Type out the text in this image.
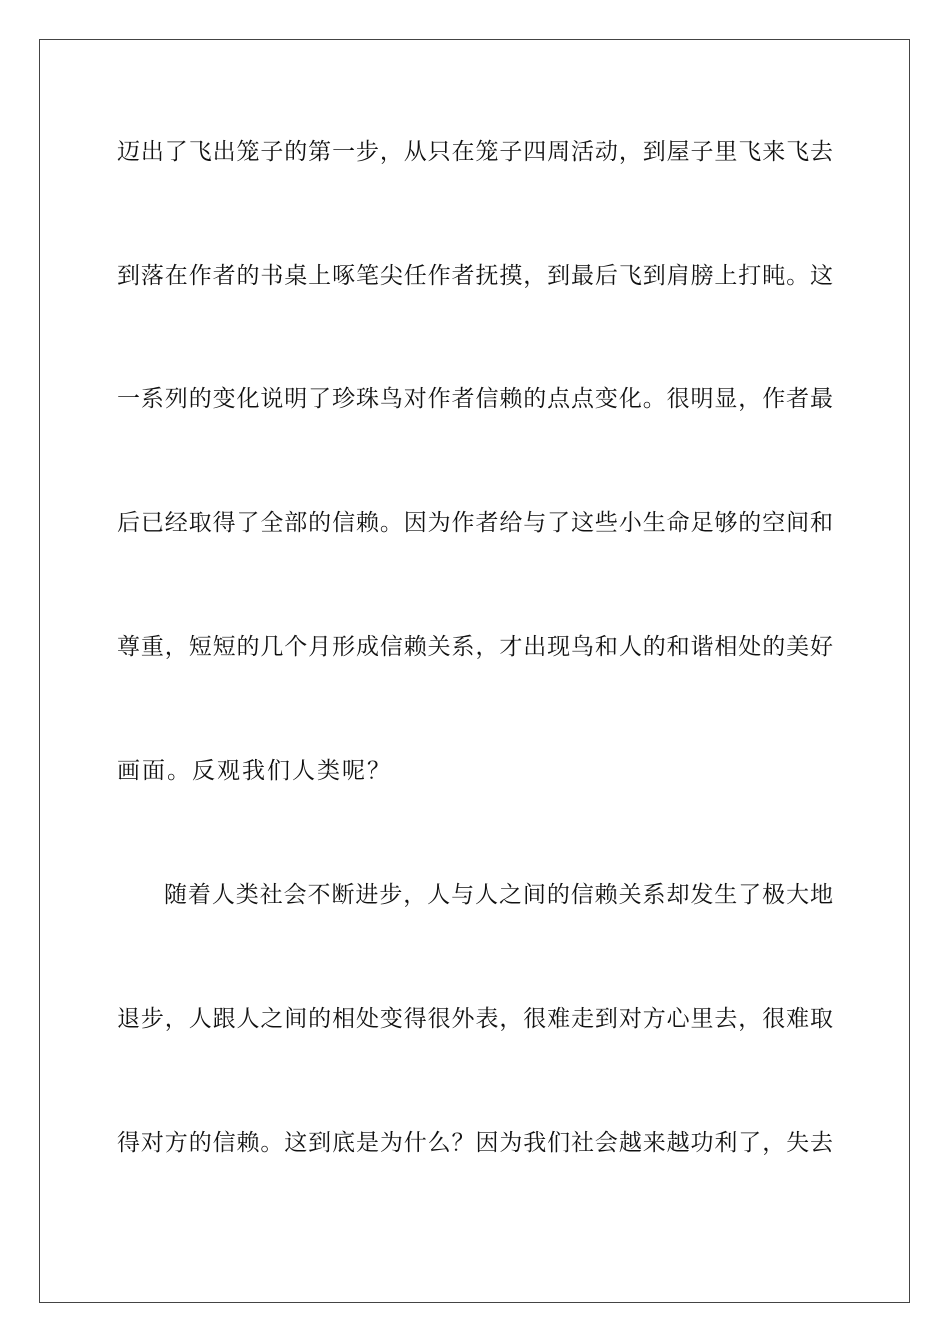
迈出了飞出笼子的第一步，从只在笼子四周活动，到屋子里飞来飞去
到落在作者的书桌上啄笔尖任作者抚摸，到最后飞到肩膀上打盹。这
一系列的变化说明了珍珠鸟对作者信赖的点点变化。很明显，作者最
后已经取得了全部的信赖。因为作者给与了这些小生命足够的空间和
尊重，短短的几个月形成信赖关系，才出现鸟和人的和谐相处的美好
画面。反观我们人类呢？
随着人类社会不断进步，人与人之间的信赖关系却发生了极大地
退步，人跟人之间的相处变得很外表，很难走到对方心里去，很难取
得对方的信赖。这到底是为什么？因为我们社会越来越功利了，失去
